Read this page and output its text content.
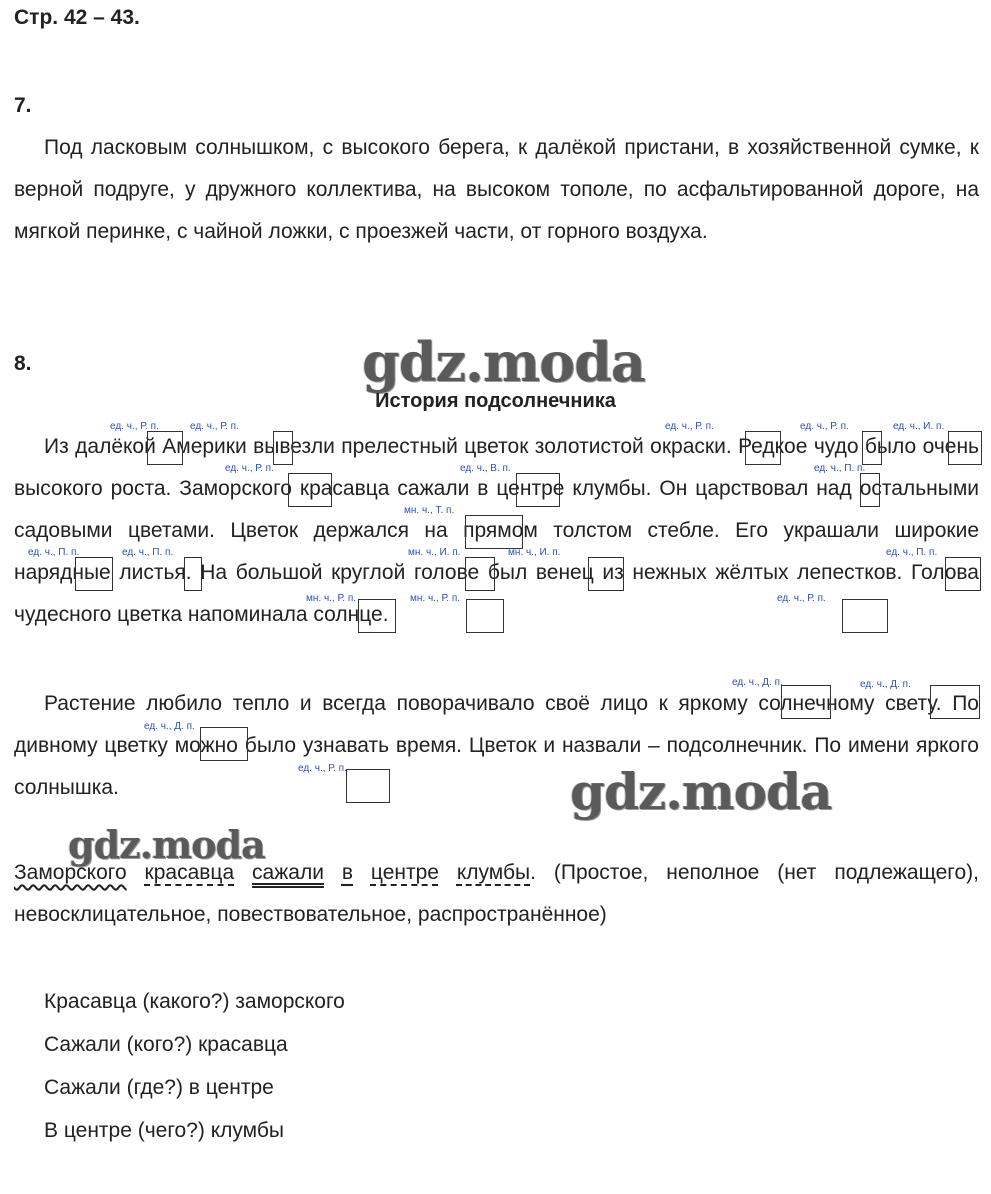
Стр. 42 – 43.
7.

Под ласковым солнышком, с высокого берега, к далёкой пристани, в хозяйственной сумке, к верной подруге, у дружного коллектива, на высоком тополе, по асфальтированной дороге, на мягкой перинке, с чайной ложки, с проезжей части, от горного воздуха.

8.	gdz.moda
История подсолнечника

Из далёкой Америки вывезли прелестный цветок золотистой окраски. Редкое чудо было очень высокого роста. Заморского красавца сажали в центре клумбы. Он царствовал над остальными садовыми цветами. Цветок держался на прямом толстом стебле. Его украшали широкие нарядные листья. На большой круглой голове был венец из нежных жёлтых лепестков. Голова чудесного цветка напоминала солнце.

Растение любило тепло и всегда поворачивало своё лицо к яркому солнечному свету. По дивному цветку можно было узнавать время. Цветок и назвали – подсолнечник. По имени яркого солнышка.	gdz.moda
ед. ч., Р. п.	ед. ч., Р. п.	ед. ч., Р. п.	ед. ч., Р. п.	ед. ч., И. п.
ед. ч., Р. п.	ед. ч., В. п.	ед. ч., П. п.
мн. ч., Т. п.
ед. ч., П. п.	ед. ч., П. п.	мн. ч., И. п.	мн. ч., И. п.	ед. ч., П. п.
мн. ч., Р. п.	мн. ч., Р. п.	ед. ч., Р. п.
ед. ч., Д. п.	ед. ч., Д. п.
ед. ч., Д. п.
ед. ч., Р. п.
gdz.moda

Заморского красавца сажали в центре клумбы. (Простое, неполное (нет подлежащего), невосклицательное, повествовательное, распространённое)

Красавца (какого?) заморского
Сажали (кого?) красавца
Сажали (где?) в центре
В центре (чего?) клумбы
